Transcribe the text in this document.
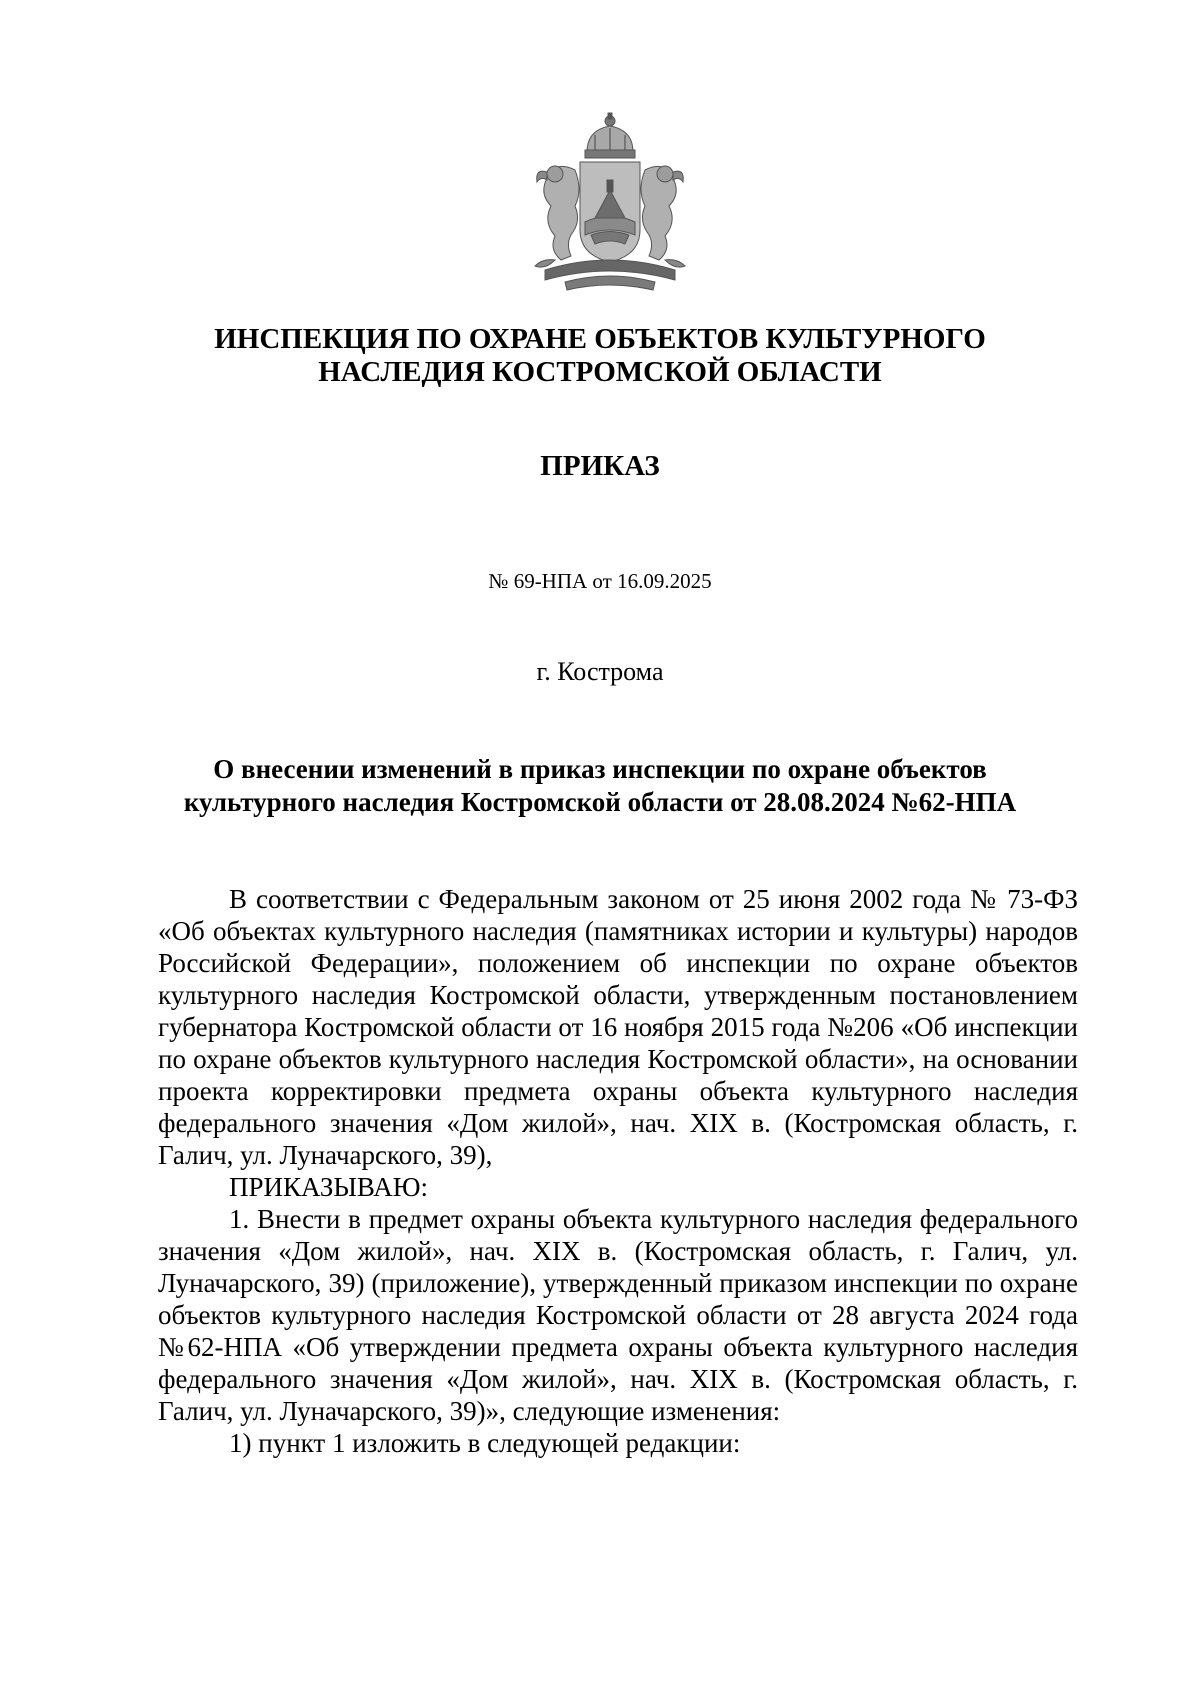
ИНСПЕКЦИЯ ПО ОХРАНЕ ОБЪЕКТОВ КУЛЬТУРНОГО
НАСЛЕДИЯ КОСТРОМСКОЙ ОБЛАСТИ

ПРИКАЗ

№ 69-НПА от 16.09.2025

г. Кострома

О внесении изменений в приказ инспекции по охране объектов
культурного наследия Костромской области от 28.08.2024 №62-НПА

В соответствии с Федеральным законом от 25 июня 2002 года № 73-ФЗ «Об объектах культурного наследия (памятниках истории и культуры) народов Российской Федерации», положением об инспекции по охране объектов культурного наследия Костромской области, утвержденным постановлением губернатора Костромской области от 16 ноября 2015 года №206 «Об инспекции по охране объектов культурного наследия Костромской области», на основании проекта корректировки предмета охраны объекта культурного наследия федерального значения «Дом жилой», нач. XIX в. (Костромская область, г. Галич, ул. Луначарского, 39),

ПРИКАЗЫВАЮ:

1. Внести в предмет охраны объекта культурного наследия федерального значения «Дом жилой», нач. XIX в. (Костромская область, г. Галич, ул. Луначарского, 39) (приложение), утвержденный приказом инспекции по охране объектов культурного наследия Костромской области от 28 августа 2024 года №62-НПА «Об утверждении предмета охраны объекта культурного наследия федерального значения «Дом жилой», нач. XIX в. (Костромская область, г. Галич, ул. Луначарского, 39)», следующие изменения:

1) пункт 1 изложить в следующей редакции:
